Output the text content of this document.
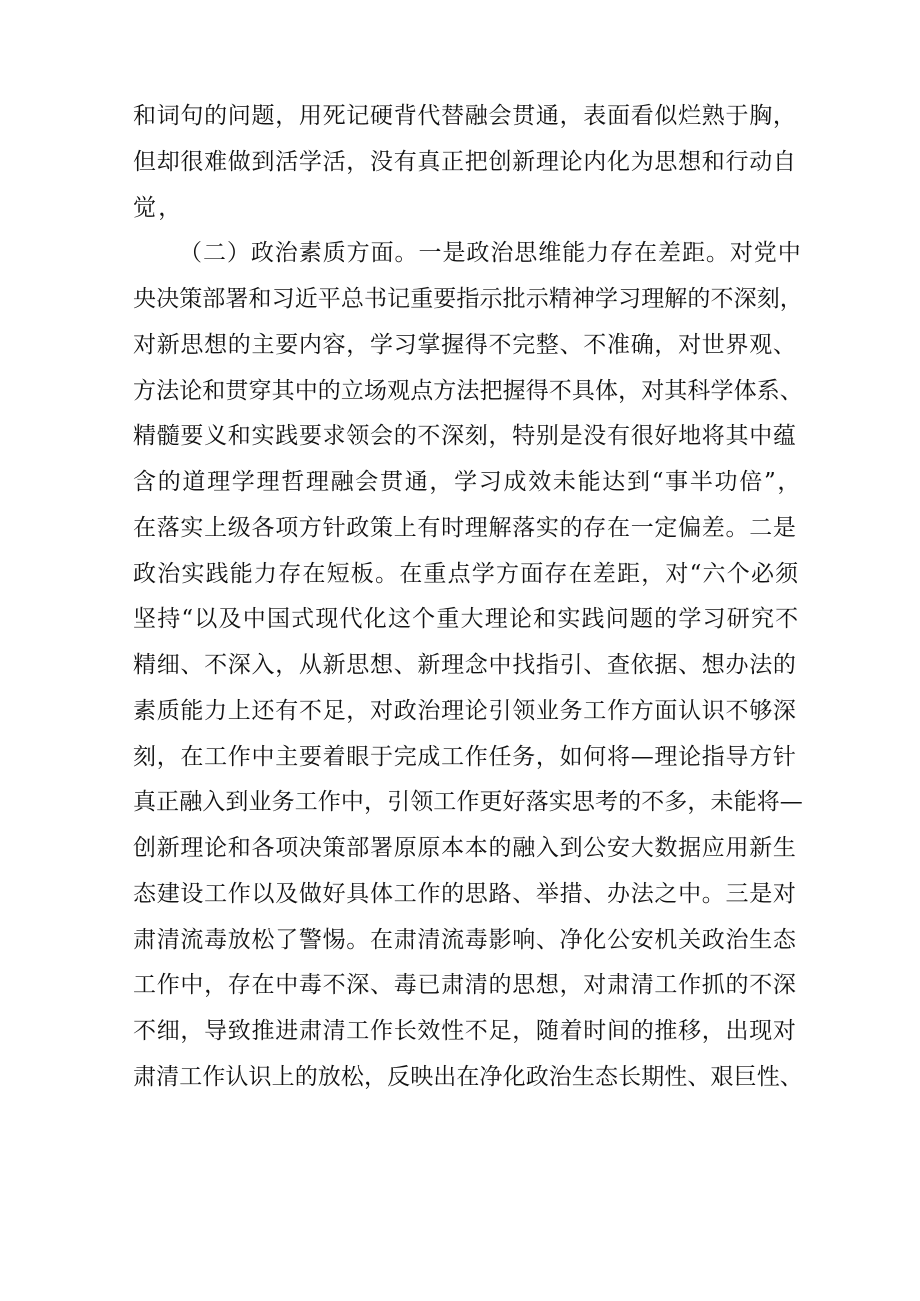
和词句的问题，用死记硬背代替融会贯通，表面看似烂熟于胸，
但却很难做到活学活，没有真正把创新理论内化为思想和行动自
觉，
（二）政治素质方面。一是政治思维能力存在差距。对党中
央决策部署和习近平总书记重要指示批示精神学习理解的不深刻，
对新思想的主要内容，学习掌握得不完整、不准确，对世界观、
方法论和贯穿其中的立场观点方法把握得不具体，对其科学体系、
精髓要义和实践要求领会的不深刻，特别是没有很好地将其中蕴
含的道理学理哲理融会贯通，学习成效未能达到“事半功倍”，
在落实上级各项方针政策上有时理解落实的存在一定偏差。二是
政治实践能力存在短板。在重点学方面存在差距，对“六个必须
坚持“以及中国式现代化这个重大理论和实践问题的学习研究不
精细、不深入，从新思想、新理念中找指引、查依据、想办法的
素质能力上还有不足，对政治理论引领业务工作方面认识不够深
刻，在工作中主要着眼于完成工作任务，如何将—理论指导方针
真正融入到业务工作中，引领工作更好落实思考的不多，未能将—
创新理论和各项决策部署原原本本的融入到公安大数据应用新生
态建设工作以及做好具体工作的思路、举措、办法之中。三是对
肃清流毒放松了警惕。在肃清流毒影响、净化公安机关政治生态
工作中，存在中毒不深、毒已肃清的思想，对肃清工作抓的不深
不细，导致推进肃清工作长效性不足，随着时间的推移，出现对
肃清工作认识上的放松，反映出在净化政治生态长期性、艰巨性、
